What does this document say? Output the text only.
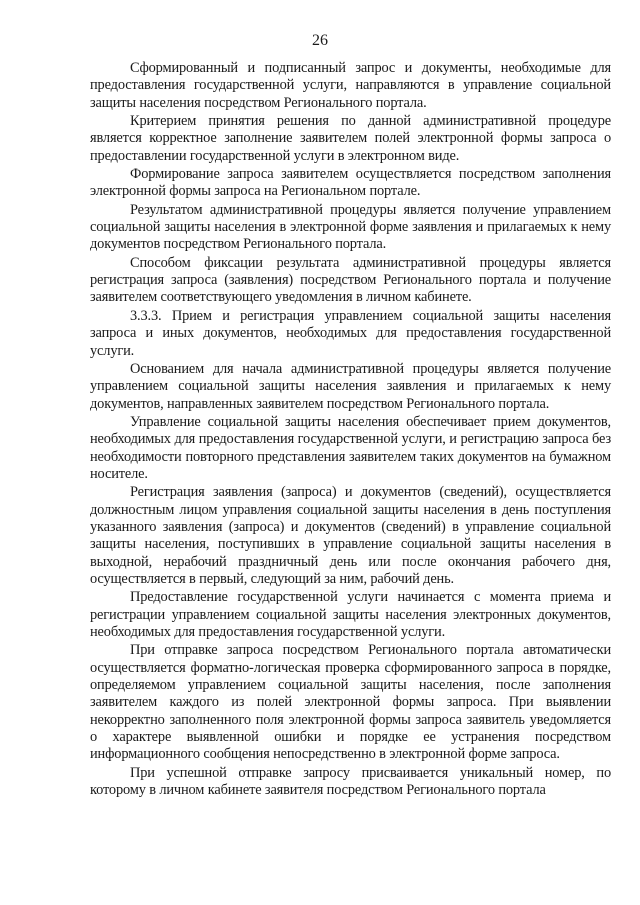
26

Сформированный и подписанный запрос и документы, необходимые для предоставления государственной услуги, направляются в управление социальной защиты населения посредством Регионального портала.

Критерием принятия решения по данной административной процедуре является корректное заполнение заявителем полей электронной формы запроса о предоставлении государственной услуги в электронном виде.

Формирование запроса заявителем осуществляется посредством заполнения электронной формы запроса на Региональном портале.

Результатом административной процедуры является получение управлением социальной защиты населения в электронной форме заявления и прилагаемых к нему документов посредством Регионального портала.

Способом фиксации результата административной процедуры является регистрация запроса (заявления) посредством Регионального портала и получение заявителем соответствующего уведомления в личном кабинете.

3.3.3. Прием и регистрация управлением социальной защиты населения запроса и иных документов, необходимых для предоставления государственной услуги.

Основанием для начала административной процедуры является получение управлением социальной защиты населения заявления и прилагаемых к нему документов, направленных заявителем посредством Регионального портала.

Управление социальной защиты населения обеспечивает прием документов, необходимых для предоставления государственной услуги, и регистрацию запроса без необходимости повторного представления заявителем таких документов на бумажном носителе.

Регистрация заявления (запроса) и документов (сведений), осуществляется должностным лицом управления социальной защиты населения в день поступления указанного заявления (запроса) и документов (сведений) в управление социальной защиты населения, поступивших в управление социальной защиты населения в выходной, нерабочий праздничный день или после окончания рабочего дня, осуществляется в первый, следующий за ним, рабочий день.

Предоставление государственной услуги начинается с момента приема и регистрации управлением социальной защиты населения электронных документов, необходимых для предоставления государственной услуги.

При отправке запроса посредством Регионального портала автоматически осуществляется форматно-логическая проверка сформированного запроса в порядке, определяемом управлением социальной защиты населения, после заполнения заявителем каждого из полей электронной формы запроса. При выявлении некорректно заполненного поля электронной формы запроса заявитель уведомляется о характере выявленной ошибки и порядке ее устранения посредством информационного сообщения непосредственно в электронной форме запроса.

При успешной отправке запросу присваивается уникальный номер, по которому в личном кабинете заявителя посредством Регионального портала
